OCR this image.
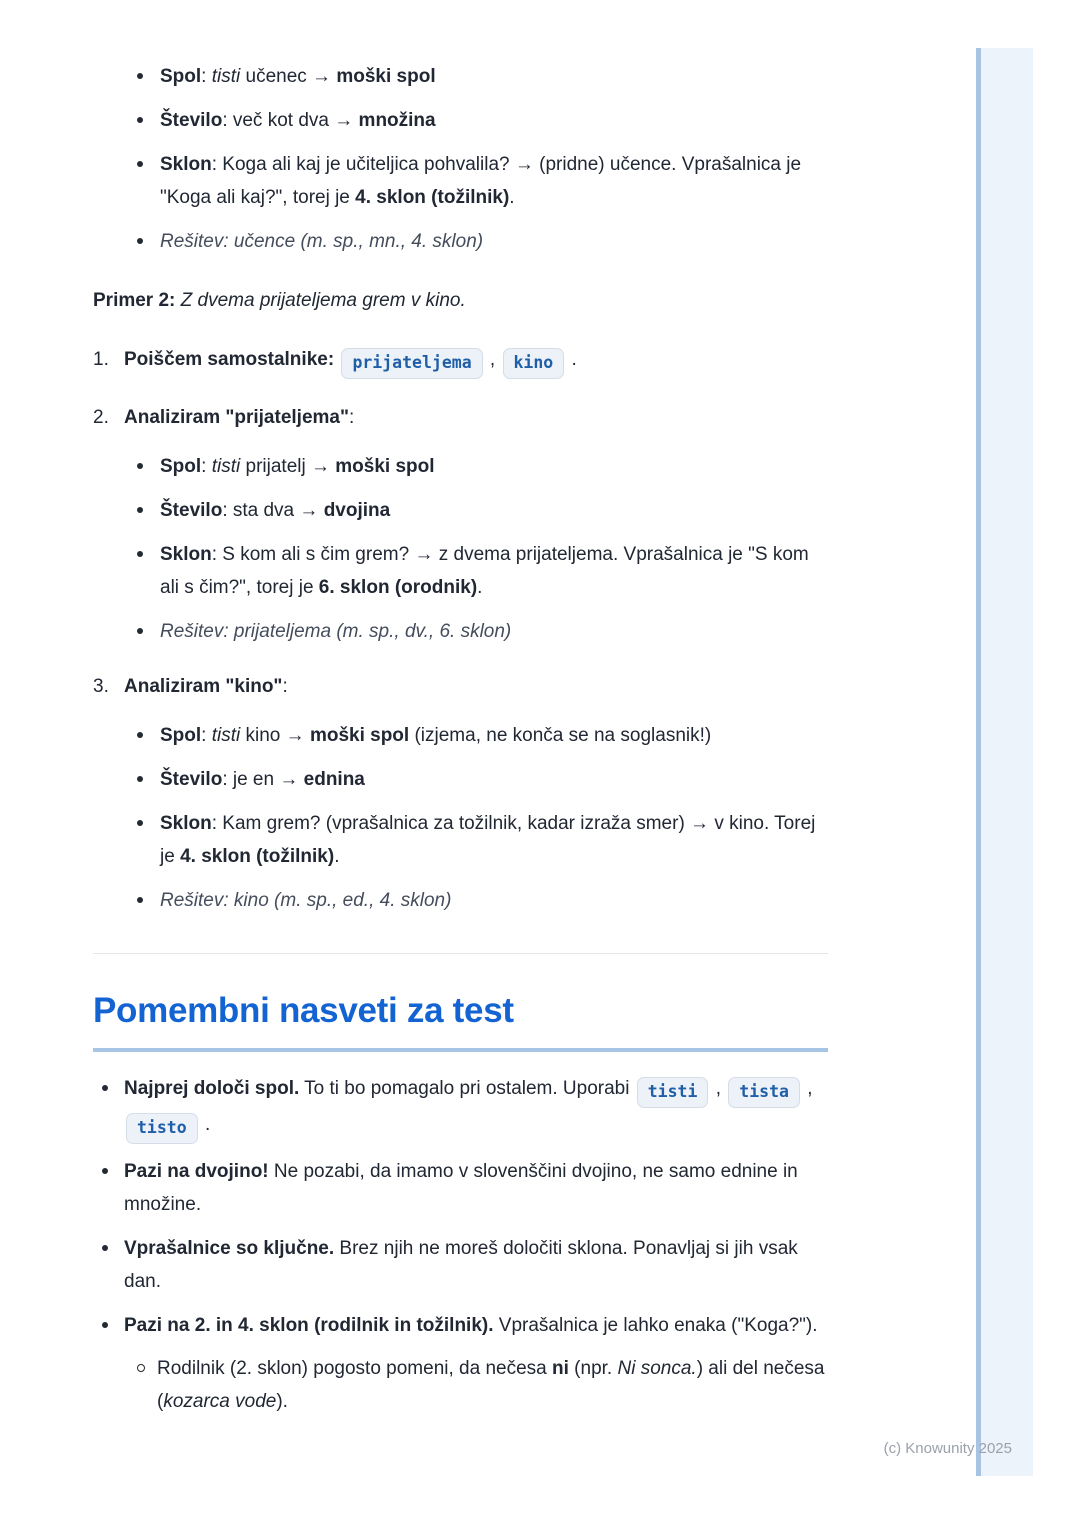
Spol: tisti učenec → moški spol
Število: več kot dva → množina
Sklon: Koga ali kaj je učiteljica pohvalila? → (pridne) učence. Vprašalnica je "Koga ali kaj?", torej je 4. sklon (tožilnik).
Rešitev: učence (m. sp., mn., 4. sklon)

Primer 2: Z dvema prijateljema grem v kino.

1. Poiščem samostalnike: prijateljema , kino .
2. Analiziram "prijateljema":
Spol: tisti prijatelj → moški spol
Število: sta dva → dvojina
Sklon: S kom ali s čim grem? → z dvema prijateljema. Vprašalnica je "S kom ali s čim?", torej je 6. sklon (orodnik).
Rešitev: prijateljema (m. sp., dv., 6. sklon)
3. Analiziram "kino":
Spol: tisti kino → moški spol (izjema, ne konča se na soglasnik!)
Število: je en → ednina
Sklon: Kam grem? (vprašalnica za tožilnik, kadar izraža smer) → v kino. Torej je 4. sklon (tožilnik).
Rešitev: kino (m. sp., ed., 4. sklon)
Pomembni nasveti za test
Najprej določi spol. To ti bo pomagalo pri ostalem. Uporabi tisti , tista , tisto .
Pazi na dvojino! Ne pozabi, da imamo v slovenščini dvojino, ne samo ednine in množine.
Vprašalnice so ključne. Brez njih ne moreš določiti sklona. Ponavljaj si jih vsak dan.
Pazi na 2. in 4. sklon (rodilnik in tožilnik). Vprašalnica je lahko enaka ("Koga?").
Rodilnik (2. sklon) pogosto pomeni, da nečesa ni (npr. Ni sonca.) ali del nečesa (kozarca vode).
(c) Knowunity 2025
